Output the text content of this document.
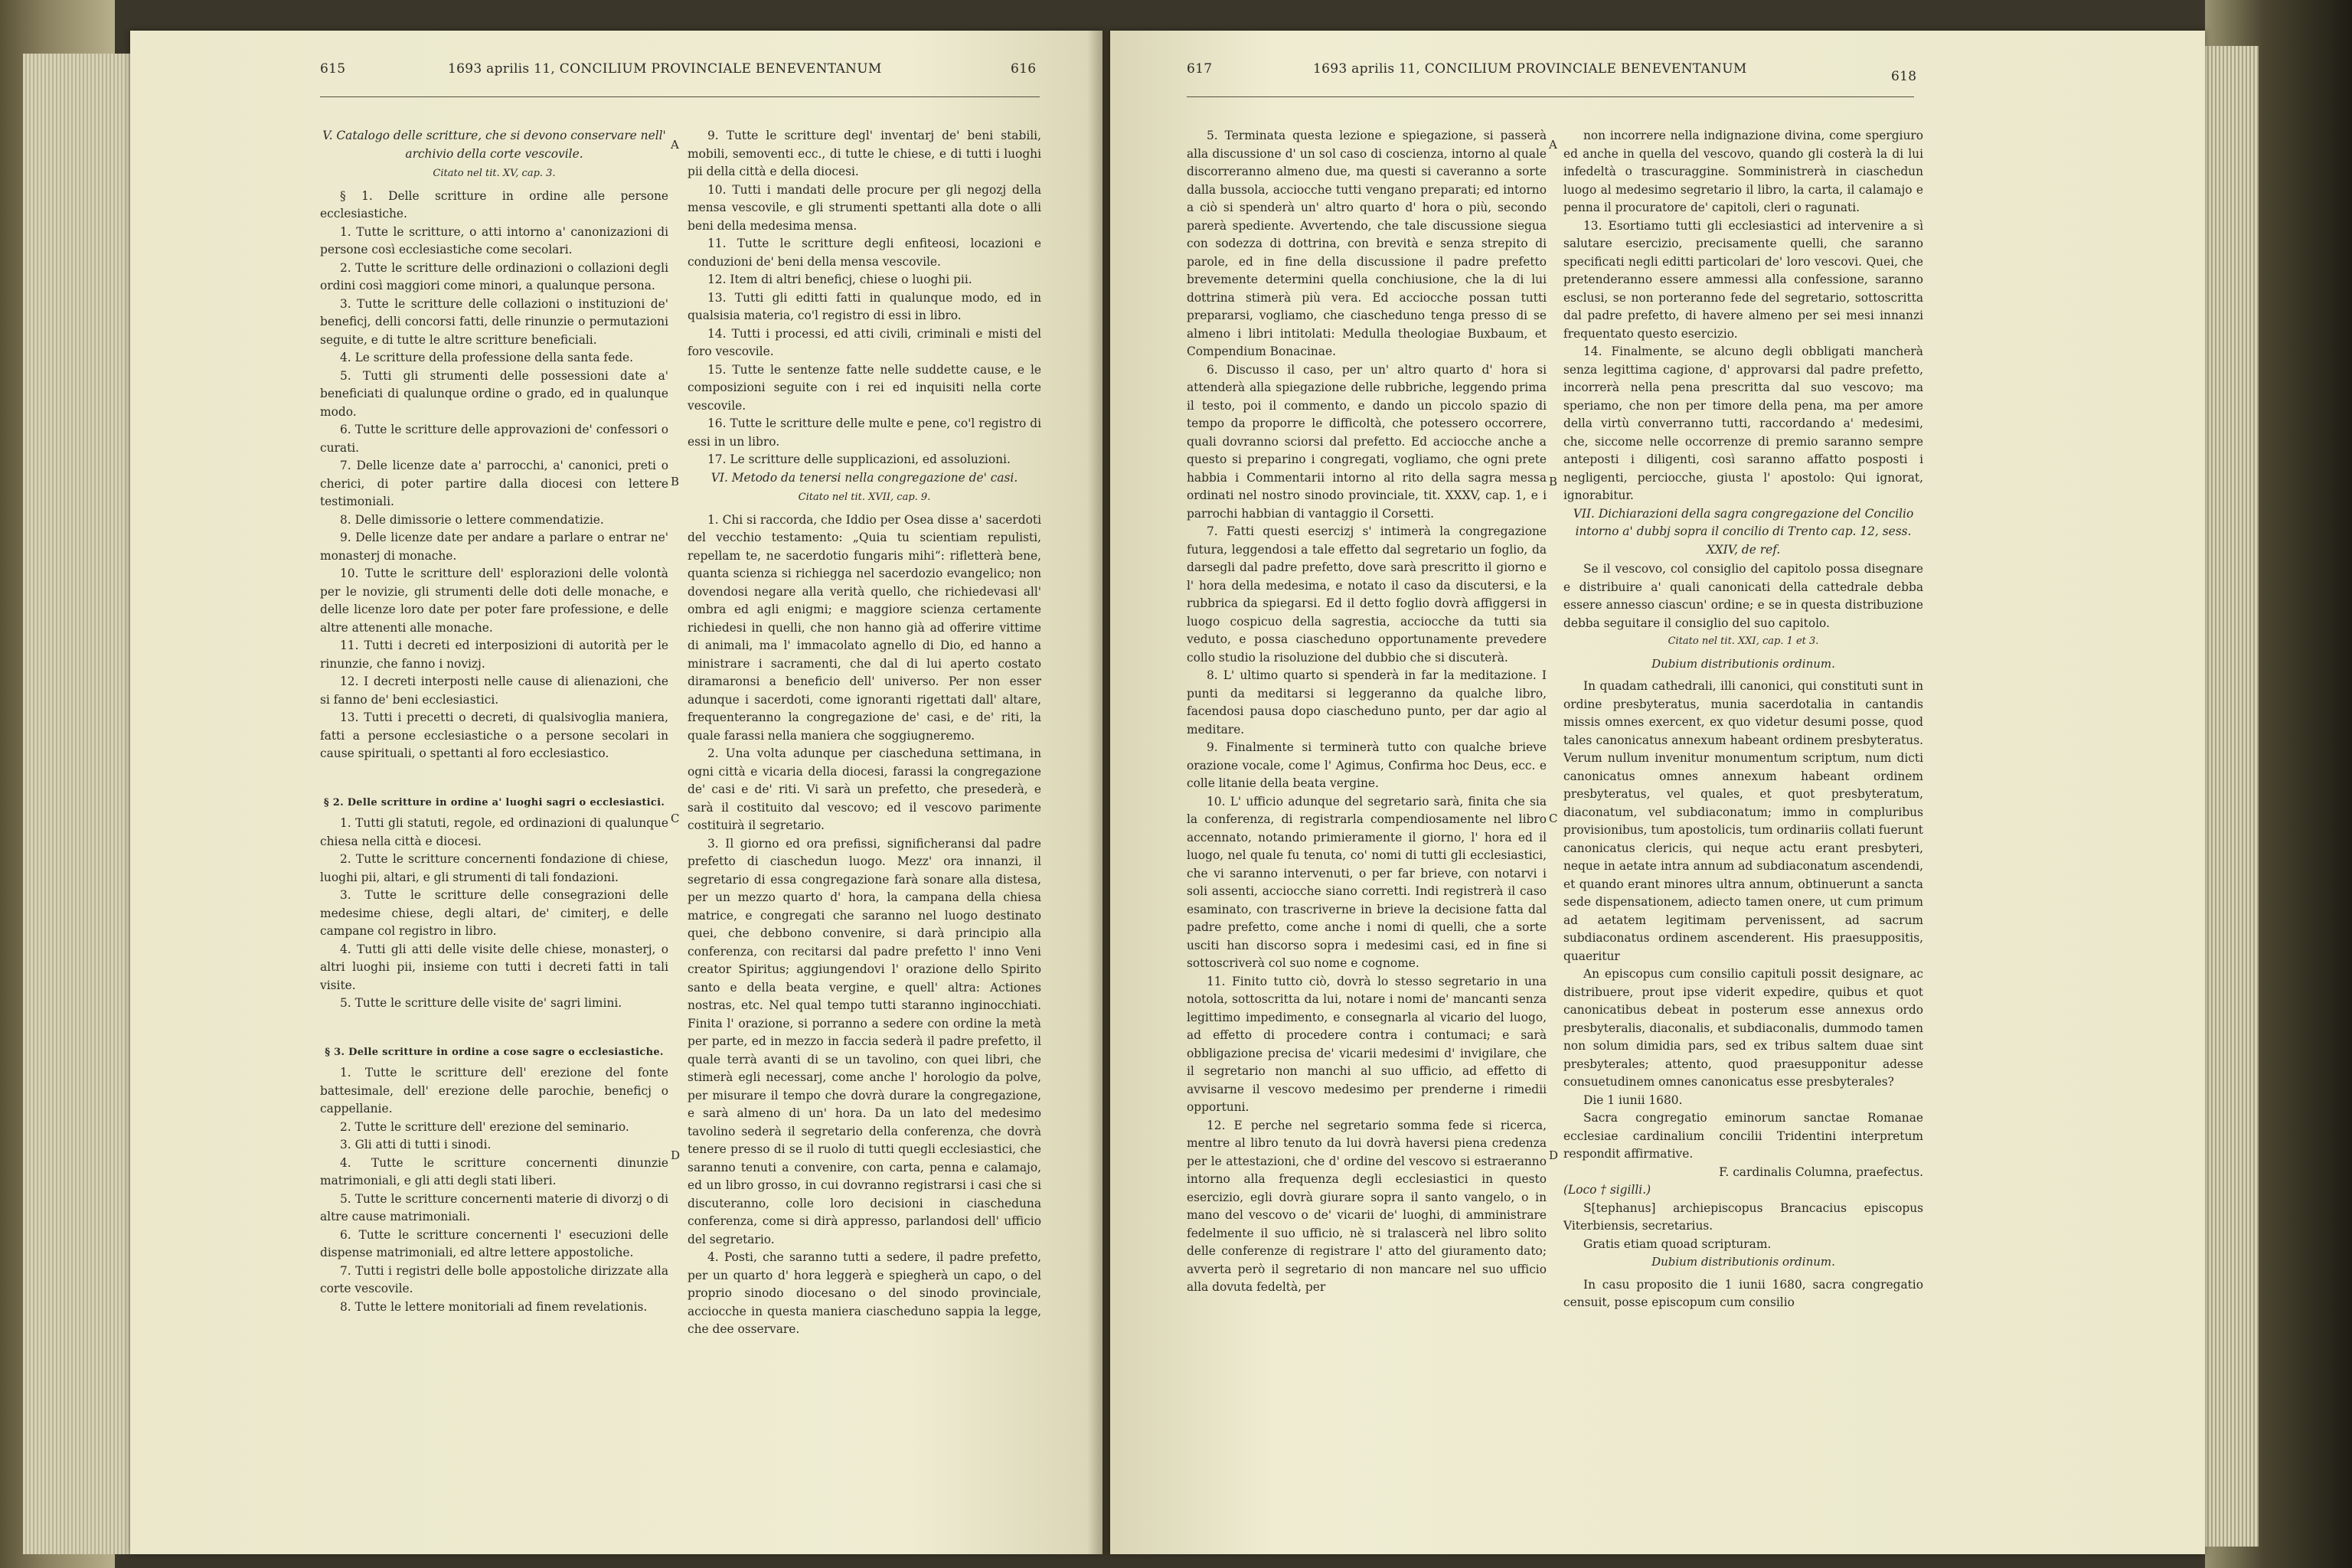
615	1693 aprilis 11, CONCILIUM PROVINCIALE BENEVENTANUM	616

V. Catalogo delle scritture, che si devono conservare nell' archivio della corte vescovile.

Citato nel tit. XV, cap. 3.

§ 1. Delle scritture in ordine alle persone ecclesiastiche.

1. Tutte le scritture, o atti intorno a' canonizazioni di persone così ecclesiastiche come secolari.

2. Tutte le scritture delle ordinazioni o collazioni degli ordini così maggiori come minori, a qualunque persona.

3. Tutte le scritture delle collazioni o instituzioni de' beneficj, delli concorsi fatti, delle rinunzie o permutazioni seguite, e di tutte le altre scritture beneficiali.

4. Le scritture della professione della santa fede.

5. Tutti gli strumenti delle possessioni date a' beneficiati di qualunque ordine o grado, ed in qualunque modo.

6. Tutte le scritture delle approvazioni de' confessori o curati.

7. Delle licenze date a' parrocchi, a' canonici, preti o cherici, di poter partire dalla diocesi con lettere testimoniali.

8. Delle dimissorie o lettere commendatizie.

9. Delle licenze date per andare a parlare o entrar ne' monasterj di monache.

10. Tutte le scritture dell' esplorazioni delle volontà per le novizie, gli strumenti delle doti delle monache, e delle licenze loro date per poter fare professione, e delle altre attenenti alle monache.

11. Tutti i decreti ed interposizioni di autorità per le rinunzie, che fanno i novizj.

12. I decreti interposti nelle cause di alienazioni, che si fanno de' beni ecclesiastici.

13. Tutti i precetti o decreti, di qualsivoglia maniera, fatti a persone ecclesiastiche o a persone secolari in cause spirituali, o spettanti al foro ecclesiastico.

§ 2. Delle scritture in ordine a' luoghi sagri o ecclesiastici.

1. Tutti gli statuti, regole, ed ordinazioni di qualunque chiesa nella città e diocesi.

2. Tutte le scritture concernenti fondazione di chiese, luoghi pii, altari, e gli strumenti di tali fondazioni.

3. Tutte le scritture delle consegrazioni delle medesime chiese, degli altari, de' cimiterj, e delle campane col registro in libro.

4. Tutti gli atti delle visite delle chiese, monasterj, o altri luoghi pii, insieme con tutti i decreti fatti in tali visite.

5. Tutte le scritture delle visite de' sagri limini.

§ 3. Delle scritture in ordine a cose sagre o ecclesiastiche.

1. Tutte le scritture dell' erezione del fonte battesimale, dell' erezione delle parochie, beneficj o cappellanie.

2. Tutte le scritture dell' erezione del seminario.

3. Gli atti di tutti i sinodi.

4. Tutte le scritture concernenti dinunzie matrimoniali, e gli atti degli stati liberi.

5. Tutte le scritture concernenti materie di divorzj o di altre cause matrimoniali.

6. Tutte le scritture concernenti l' esecuzioni delle dispense matrimoniali, ed altre lettere appostoliche.

7. Tutti i registri delle bolle appostoliche dirizzate alla corte vescovile.

8. Tutte le lettere monitoriali ad finem revelationis.

9. Tutte le scritture degl' inventarj de' beni stabili, mobili, semoventi ecc., di tutte le chiese, e di tutti i luoghi pii della città e della diocesi.

10. Tutti i mandati delle procure per gli negozj della mensa vescovile, e gli strumenti spettanti alla dote o alli beni della medesima mensa.

11. Tutte le scritture degli enfiteosi, locazioni e conduzioni de' beni della mensa vescovile.

12. Item di altri beneficj, chiese o luoghi pii.

13. Tutti gli editti fatti in qualunque modo, ed in qualsisia materia, co'l registro di essi in libro.

14. Tutti i processi, ed atti civili, criminali e misti del foro vescovile.

15. Tutte le sentenze fatte nelle suddette cause, e le composizioni seguite con i rei ed inquisiti nella corte vescovile.

16. Tutte le scritture delle multe e pene, co'l registro di essi in un libro.

17. Le scritture delle supplicazioni, ed assoluzioni.

VI. Metodo da tenersi nella congregazione de' casi.

Citato nel tit. XVII, cap. 9.

1. Chi si raccorda, che Iddio per Osea disse a' sacerdoti del vecchio testamento: „Quia tu scientiam repulisti, repellam te, ne sacerdotio fungaris mihi“: rifletterà bene, quanta scienza si richiegga nel sacerdozio evangelico; non dovendosi negare alla verità quello, che richiedevasi all' ombra ed agli enigmi; e maggiore scienza certamente richiedesi in quelli, che non hanno già ad offerire vittime di animali, ma l' immacolato agnello di Dio, ed hanno a ministrare i sacramenti, che dal di lui aperto costato diramaronsi a beneficio dell' universo. Per non esser adunque i sacerdoti, come ignoranti rigettati dall' altare, frequenteranno la congregazione de' casi, e de' riti, la quale farassi nella maniera che soggiugneremo.

2. Una volta adunque per ciascheduna settimana, in ogni città e vicaria della diocesi, farassi la congregazione de' casi e de' riti. Vi sarà un prefetto, che presederà, e sarà il costituito dal vescovo; ed il vescovo parimente costituirà il segretario.

3. Il giorno ed ora prefissi, significheransi dal padre prefetto di ciaschedun luogo. Mezz' ora innanzi, il segretario di essa congregazione farà sonare alla distesa, per un mezzo quarto d' hora, la campana della chiesa matrice, e congregati che saranno nel luogo destinato quei, che debbono convenire, si darà principio alla conferenza, con recitarsi dal padre prefetto l' inno Veni creator Spiritus; aggiungendovi l' orazione dello Spirito santo e della beata vergine, e quell' altra: Actiones nostras, etc. Nel qual tempo tutti staranno inginocchiati. Finita l' orazione, si porranno a sedere con ordine la metà per parte, ed in mezzo in faccia sederà il padre prefetto, il quale terrà avanti di se un tavolino, con quei libri, che stimerà egli necessarj, come anche l' horologio da polve, per misurare il tempo che dovrà durare la congregazione, e sarà almeno di un' hora. Da un lato del medesimo tavolino sederà il segretario della conferenza, che dovrà tenere presso di se il ruolo di tutti quegli ecclesiastici, che saranno tenuti a convenire, con carta, penna e calamajo, ed un libro grosso, in cui dovranno registrarsi i casi che si discuteranno, colle loro decisioni in ciascheduna conferenza, come si dirà appresso, parlandosi dell' ufficio del segretario.

4. Posti, che saranno tutti a sedere, il padre prefetto, per un quarto d' hora leggerà e spiegherà un capo, o del proprio sinodo diocesano o del sinodo provinciale, acciocche in questa maniera ciascheduno sappia la legge, che dee osservare.

A
B
C
D
617	1693 aprilis 11, CONCILIUM PROVINCIALE BENEVENTANUM	618

5. Terminata questa lezione e spiegazione, si passerà alla discussione d' un sol caso di coscienza, intorno al quale discorreranno almeno due, ma questi si caveranno a sorte dalla bussola, acciocche tutti vengano preparati; ed intorno a ciò si spenderà un' altro quarto d' hora o più, secondo parerà spediente. Avvertendo, che tale discussione siegua con sodezza di dottrina, con brevità e senza strepito di parole, ed in fine della discussione il padre prefetto brevemente determini quella conchiusione, che la di lui dottrina stimerà più vera. Ed acciocche possan tutti prepararsi, vogliamo, che ciascheduno tenga presso di se almeno i libri intitolati: Medulla theologiae Buxbaum, et Compendium Bonacinae.

6. Discusso il caso, per un' altro quarto d' hora si attenderà alla spiegazione delle rubbriche, leggendo prima il testo, poi il commento, e dando un piccolo spazio di tempo da proporre le difficoltà, che potessero occorrere, quali dovranno sciorsi dal prefetto. Ed acciocche anche a questo si preparino i congregati, vogliamo, che ogni prete habbia i Commentarii intorno al rito della sagra messa ordinati nel nostro sinodo provinciale, tit. XXXV, cap. 1, e i parrochi habbian di vantaggio il Corsetti.

7. Fatti questi esercizj s' intimerà la congregazione futura, leggendosi a tale effetto dal segretario un foglio, da darsegli dal padre prefetto, dove sarà prescritto il giorno e l' hora della medesima, e notato il caso da discutersi, e la rubbrica da spiegarsi. Ed il detto foglio dovrà affiggersi in luogo cospicuo della sagrestia, acciocche da tutti sia veduto, e possa ciascheduno opportunamente prevedere collo studio la risoluzione del dubbio che si discuterà.

8. L' ultimo quarto si spenderà in far la meditazione. I punti da meditarsi si leggeranno da qualche libro, facendosi pausa dopo ciascheduno punto, per dar agio al meditare.

9. Finalmente si terminerà tutto con qualche brieve orazione vocale, come l' Agimus, Confirma hoc Deus, ecc. e colle litanie della beata vergine.

10. L' ufficio adunque del segretario sarà, finita che sia la conferenza, di registrarla compendiosamente nel libro accennato, notando primieramente il giorno, l' hora ed il luogo, nel quale fu tenuta, co' nomi di tutti gli ecclesiastici, che vi saranno intervenuti, o per far brieve, con notarvi i soli assenti, acciocche siano corretti. Indi registrerà il caso esaminato, con trascriverne in brieve la decisione fatta dal padre prefetto, come anche i nomi di quelli, che a sorte usciti han discorso sopra i medesimi casi, ed in fine si sottoscriverà col suo nome e cognome.

11. Finito tutto ciò, dovrà lo stesso segretario in una notola, sottoscritta da lui, notare i nomi de' mancanti senza legittimo impedimento, e consegnarla al vicario del luogo, ad effetto di procedere contra i contumaci; e sarà obbligazione precisa de' vicarii medesimi d' invigilare, che il segretario non manchi al suo ufficio, ad effetto di avvisarne il vescovo medesimo per prenderne i rimedii opportuni.

12. E perche nel segretario somma fede si ricerca, mentre al libro tenuto da lui dovrà haversi piena credenza per le attestazioni, che d' ordine del vescovo si estraeranno intorno alla frequenza degli ecclesiastici in questo esercizio, egli dovrà giurare sopra il santo vangelo, o in mano del vescovo o de' vicarii de' luoghi, di amministrare fedelmente il suo ufficio, nè si tralascerà nel libro solito delle conferenze di registrare l' atto del giuramento dato; avverta però il segretario di non mancare nel suo ufficio alla dovuta fedeltà, per

non incorrere nella indignazione divina, come spergiuro ed anche in quella del vescovo, quando gli costerà la di lui infedeltà o trascuraggine. Somministrerà in ciaschedun luogo al medesimo segretario il libro, la carta, il calamajo e penna il procuratore de' capitoli, cleri o ragunati.

13. Esortiamo tutti gli ecclesiastici ad intervenire a sì salutare esercizio, precisamente quelli, che saranno specificati negli editti particolari de' loro vescovi. Quei, che pretenderanno essere ammessi alla confessione, saranno esclusi, se non porteranno fede del segretario, sottoscritta dal padre prefetto, di havere almeno per sei mesi innanzi frequentato questo esercizio.

14. Finalmente, se alcuno degli obbligati mancherà senza legittima cagione, d' approvarsi dal padre prefetto, incorrerà nella pena prescritta dal suo vescovo; ma speriamo, che non per timore della pena, ma per amore della virtù converranno tutti, raccordando a' medesimi, che, siccome nelle occorrenze di premio saranno sempre anteposti i diligenti, così saranno affatto posposti i negligenti, perciocche, giusta l' apostolo: Qui ignorat, ignorabitur.

VII. Dichiarazioni della sagra congregazione del Concilio intorno a' dubbj sopra il concilio di Trento cap. 12, sess. XXIV, de ref.

Se il vescovo, col consiglio del capitolo possa disegnare e distribuire a' quali canonicati della cattedrale debba essere annesso ciascun' ordine; e se in questa distribuzione debba seguitare il consiglio del suo capitolo.

Citato nel tit. XXI, cap. 1 et 3.

Dubium distributionis ordinum.

In quadam cathedrali, illi canonici, qui constituti sunt in ordine presbyteratus, munia sacerdotalia in cantandis missis omnes exercent, ex quo videtur desumi posse, quod tales canonicatus annexum habeant ordinem presbyteratus. Verum nullum invenitur monumentum scriptum, num dicti canonicatus omnes annexum habeant ordinem presbyteratus, vel quales, et quot presbyteratum, diaconatum, vel subdiaconatum; immo in compluribus provisionibus, tum apostolicis, tum ordinariis collati fuerunt canonicatus clericis, qui neque actu erant presbyteri, neque in aetate intra annum ad subdiaconatum ascendendi, et quando erant minores ultra annum, obtinuerunt a sancta sede dispensationem, adiecto tamen onere, ut cum primum ad aetatem legitimam pervenissent, ad sacrum subdiaconatus ordinem ascenderent. His praesuppositis, quaeritur

An episcopus cum consilio capituli possit designare, ac distribuere, prout ipse viderit expedire, quibus et quot canonicatibus debeat in posterum esse annexus ordo presbyteralis, diaconalis, et subdiaconalis, dummodo tamen non solum dimidia pars, sed ex tribus saltem duae sint presbyterales; attento, quod praesupponitur adesse consuetudinem omnes canonicatus esse presbyterales?

Die 1 iunii 1680.

Sacra congregatio eminorum sanctae Romanae ecclesiae cardinalium concilii Tridentini interpretum respondit affirmative.

F. cardinalis Columna, praefectus.

(Loco † sigilli.)

S[tephanus] archiepiscopus Brancacius episcopus Viterbiensis, secretarius.

Gratis etiam quoad scripturam.

Dubium distributionis ordinum.

In casu proposito die 1 iunii 1680, sacra congregatio censuit, posse episcopum cum consilio

A
B
C
D
